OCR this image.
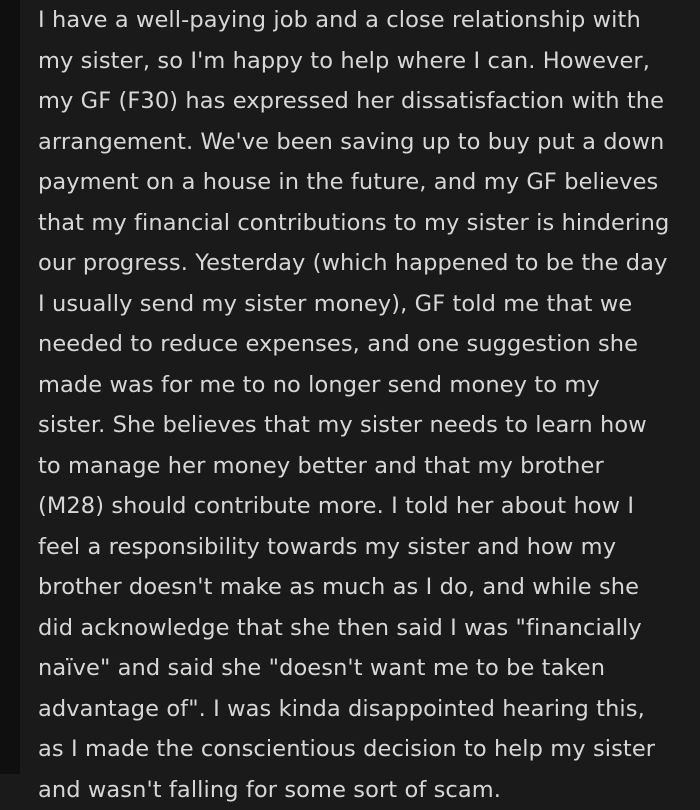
I have a well-paying job and a close relationship with my sister, so I'm happy to help where I can. However, my GF (F30) has expressed her dissatisfaction with the arrangement. We've been saving up to buy put a down payment on a house in the future, and my GF believes that my financial contributions to my sister is hindering our progress. Yesterday (which happened to be the day I usually send my sister money), GF told me that we needed to reduce expenses, and one suggestion she made was for me to no longer send money to my sister. She believes that my sister needs to learn how to manage her money better and that my brother (M28) should contribute more. I told her about how I feel a responsibility towards my sister and how my brother doesn't make as much as I do, and while she did acknowledge that she then said I was "financially naïve" and said she "doesn't want me to be taken advantage of". I was kinda disappointed hearing this, as I made the conscientious decision to help my sister and wasn't falling for some sort of scam.
